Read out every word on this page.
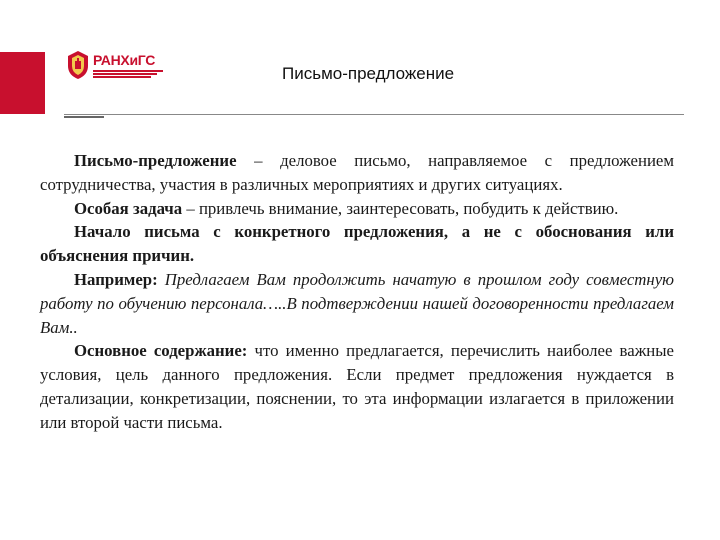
РАНХиГС
Письмо-предложение

Письмо-предложение – деловое письмо, направляемое с предложением сотрудничества, участия в различных мероприятиях и других ситуациях.

Особая задача – привлечь внимание, заинтересовать, побудить к действию.

Начало письма с конкретного предложения, а не с обоснования или объяснения причин.

Например: Предлагаем Вам продолжить начатую в прошлом году совместную работу по обучению персонала…..В подтверждении нашей договоренности предлагаем Вам..

Основное содержание: что именно предлагается, перечислить наиболее важные условия, цель данного предложения. Если предмет предложения нуждается в детализации, конкретизации, пояснении, то эта информации излагается в приложении или второй части письма.
